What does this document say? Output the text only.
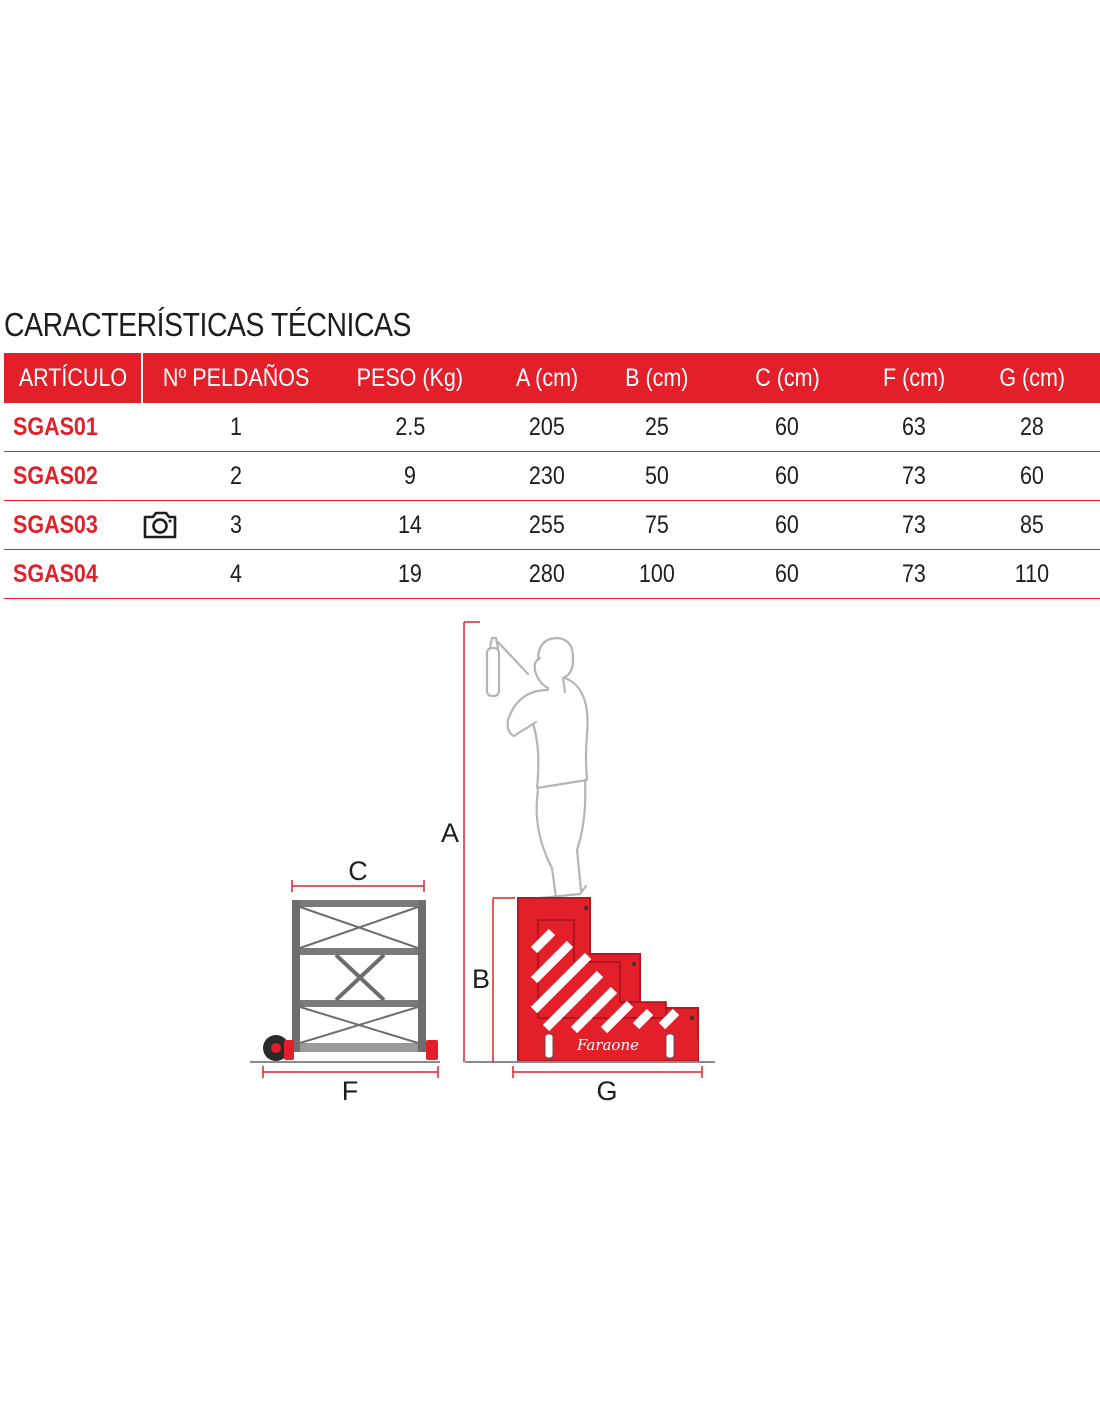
CARACTERÍSTICAS TÉCNICAS
ARTÍCULO	Nº PELDAÑOS	PESO (Kg)	A (cm)	B (cm)	C (cm)	F (cm)	G (cm)
SGAS01	1	2.5	205	25	60	63	28
SGAS02	2	9	230	50	60	73	60
SGAS03	3	14	255	75	60	73	85
SGAS04	4	19	280	100	60	73	110
C
F
A
B
Faraone
G
